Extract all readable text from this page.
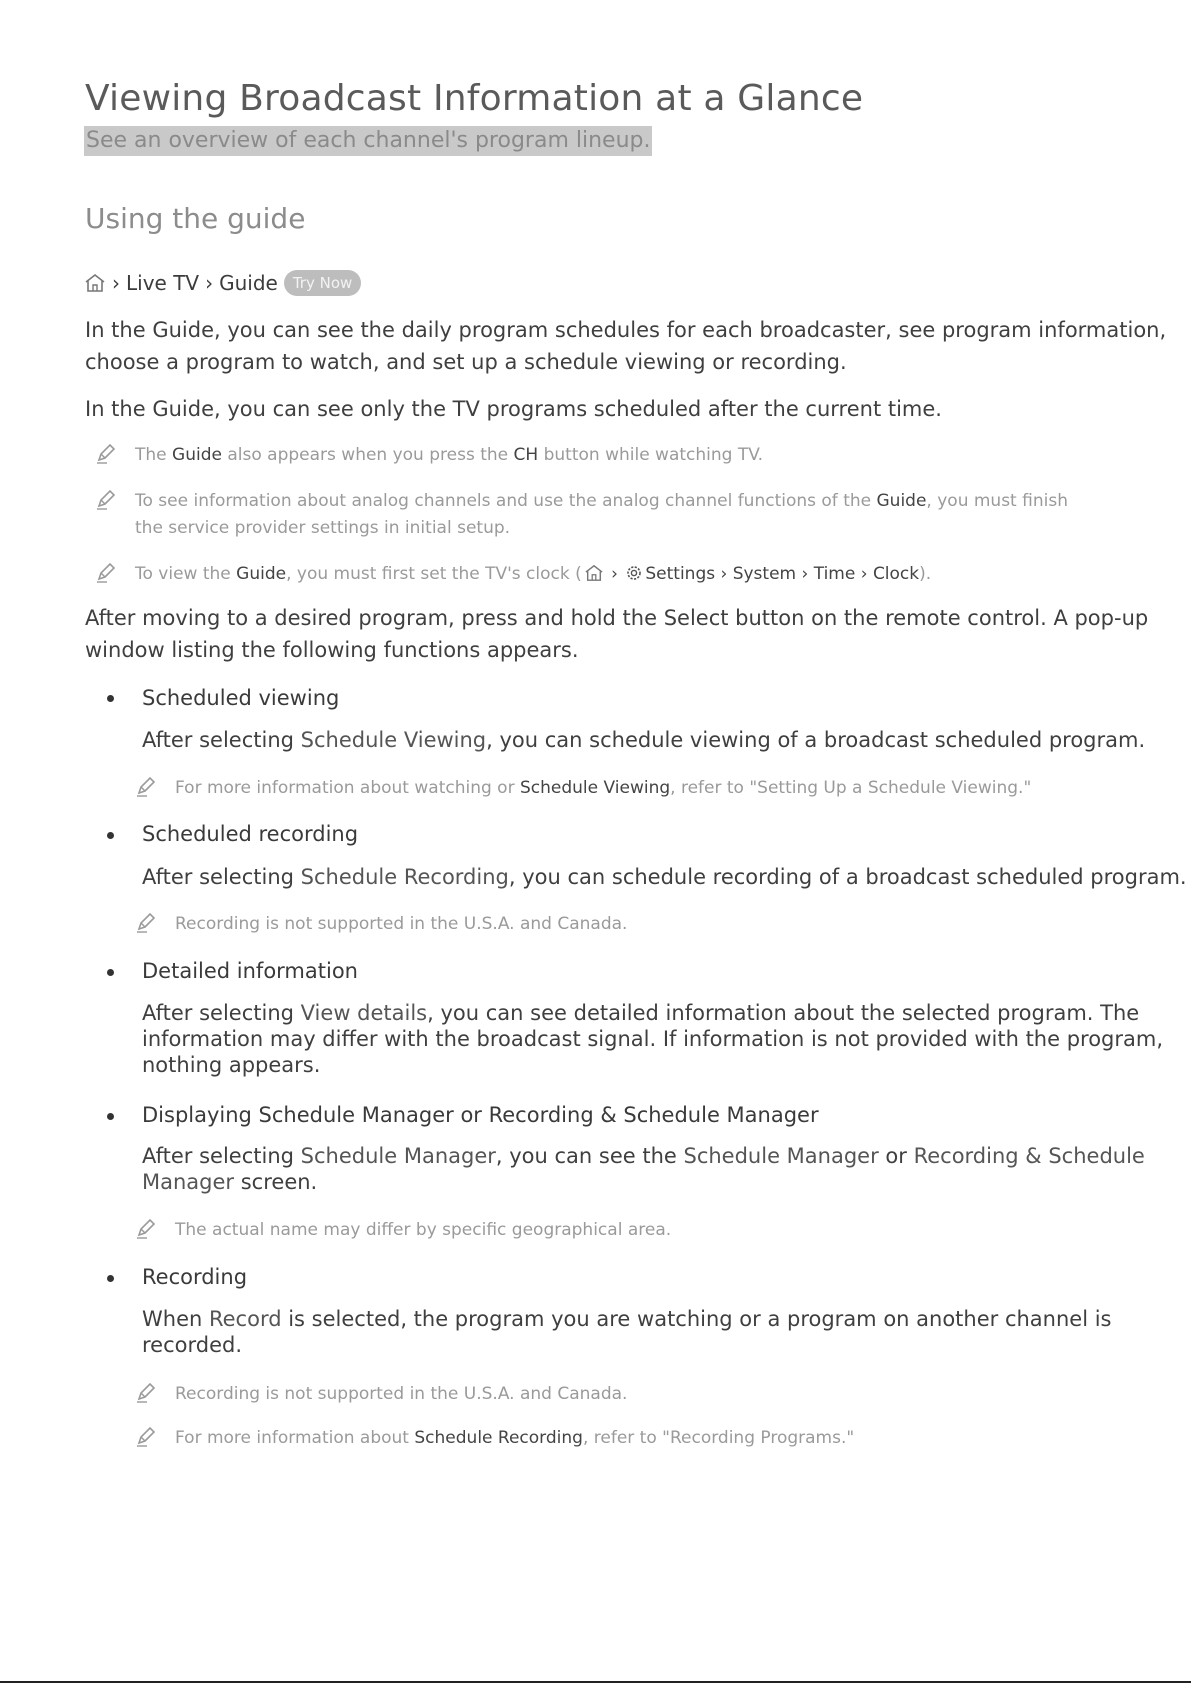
Viewing Broadcast Information at a Glance
See an overview of each channel's program lineup.
Using the guide
› Live TV › Guide	Try Now
In the Guide, you can see the daily program schedules for each broadcaster, see program information,
choose a program to watch, and set up a schedule viewing or recording.
In the Guide, you can see only the TV programs scheduled after the current time.
The Guide also appears when you press the CH button while watching TV.
To see information about analog channels and use the analog channel functions of the Guide, you must finish
the service provider settings in initial setup.
To view the Guide, you must first set the TV's clock ( › Settings › System › Time › Clock).
After moving to a desired program, press and hold the Select button on the remote control. A pop-up
window listing the following functions appears.
Scheduled viewing
After selecting Schedule Viewing, you can schedule viewing of a broadcast scheduled program.
For more information about watching or Schedule Viewing, refer to "Setting Up a Schedule Viewing."
Scheduled recording
After selecting Schedule Recording, you can schedule recording of a broadcast scheduled program.
Recording is not supported in the U.S.A. and Canada.
Detailed information
After selecting View details, you can see detailed information about the selected program. The
information may differ with the broadcast signal. If information is not provided with the program,
nothing appears.
Displaying Schedule Manager or Recording & Schedule Manager
After selecting Schedule Manager, you can see the Schedule Manager or Recording & Schedule
Manager screen.
The actual name may differ by specific geographical area.
Recording
When Record is selected, the program you are watching or a program on another channel is
recorded.
Recording is not supported in the U.S.A. and Canada.
For more information about Schedule Recording, refer to "Recording Programs."
